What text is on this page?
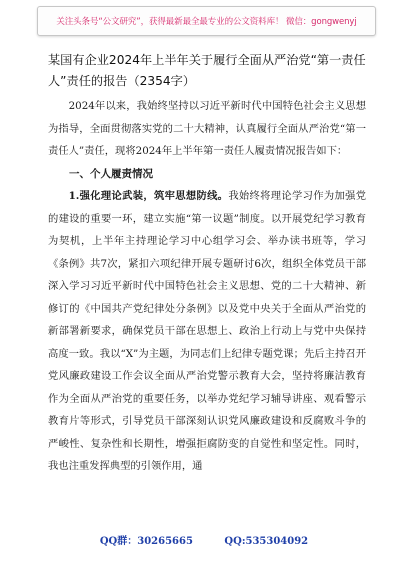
关注头条号“公文研究”，获得最新最全最专业的公文资料库！ 微信：gongwenyj
某国有企业2024年上半年关于履行全面从严治党“第一责任人”责任的报告（2354字）

2024年以来，我始终坚持以习近平新时代中国特色社会主义思想为指导，全面贯彻落实党的二十大精神，认真履行全面从严治党“第一责任人”责任，现将2024年上半年第一责任人履责情况报告如下：

一、个人履责情况

1.强化理论武装，筑牢思想防线。我始终将理论学习作为加强党的建设的重要一环，建立实施“第一议题”制度。以开展党纪学习教育为契机，上半年主持理论学习中心组学习会、举办读书班等，学习《条例》共7次，紧扣六项纪律开展专题研讨6次，组织全体党员干部深入学习习近平新时代中国特色社会主义思想、党的二十大精神、新修订的《中国共产党纪律处分条例》以及党中央关于全面从严治党的新部署新要求，确保党员干部在思想上、政治上行动上与党中央保持高度一致。我以“X”为主题，为同志们上纪律专题党课；先后主持召开党风廉政建设工作会议全面从严治党警示教育大会，坚持将廉洁教育作为全面从严治党的重要任务，以举办党纪学习辅导讲座、观看警示教育片等形式，引导党员干部深刻认识党风廉政建设和反腐败斗争的严峻性、复杂性和长期性，增强拒腐防变的自觉性和坚定性。同时，我也注重发挥典型的引领作用，通

QQ群：30265665	QQ:535304092
